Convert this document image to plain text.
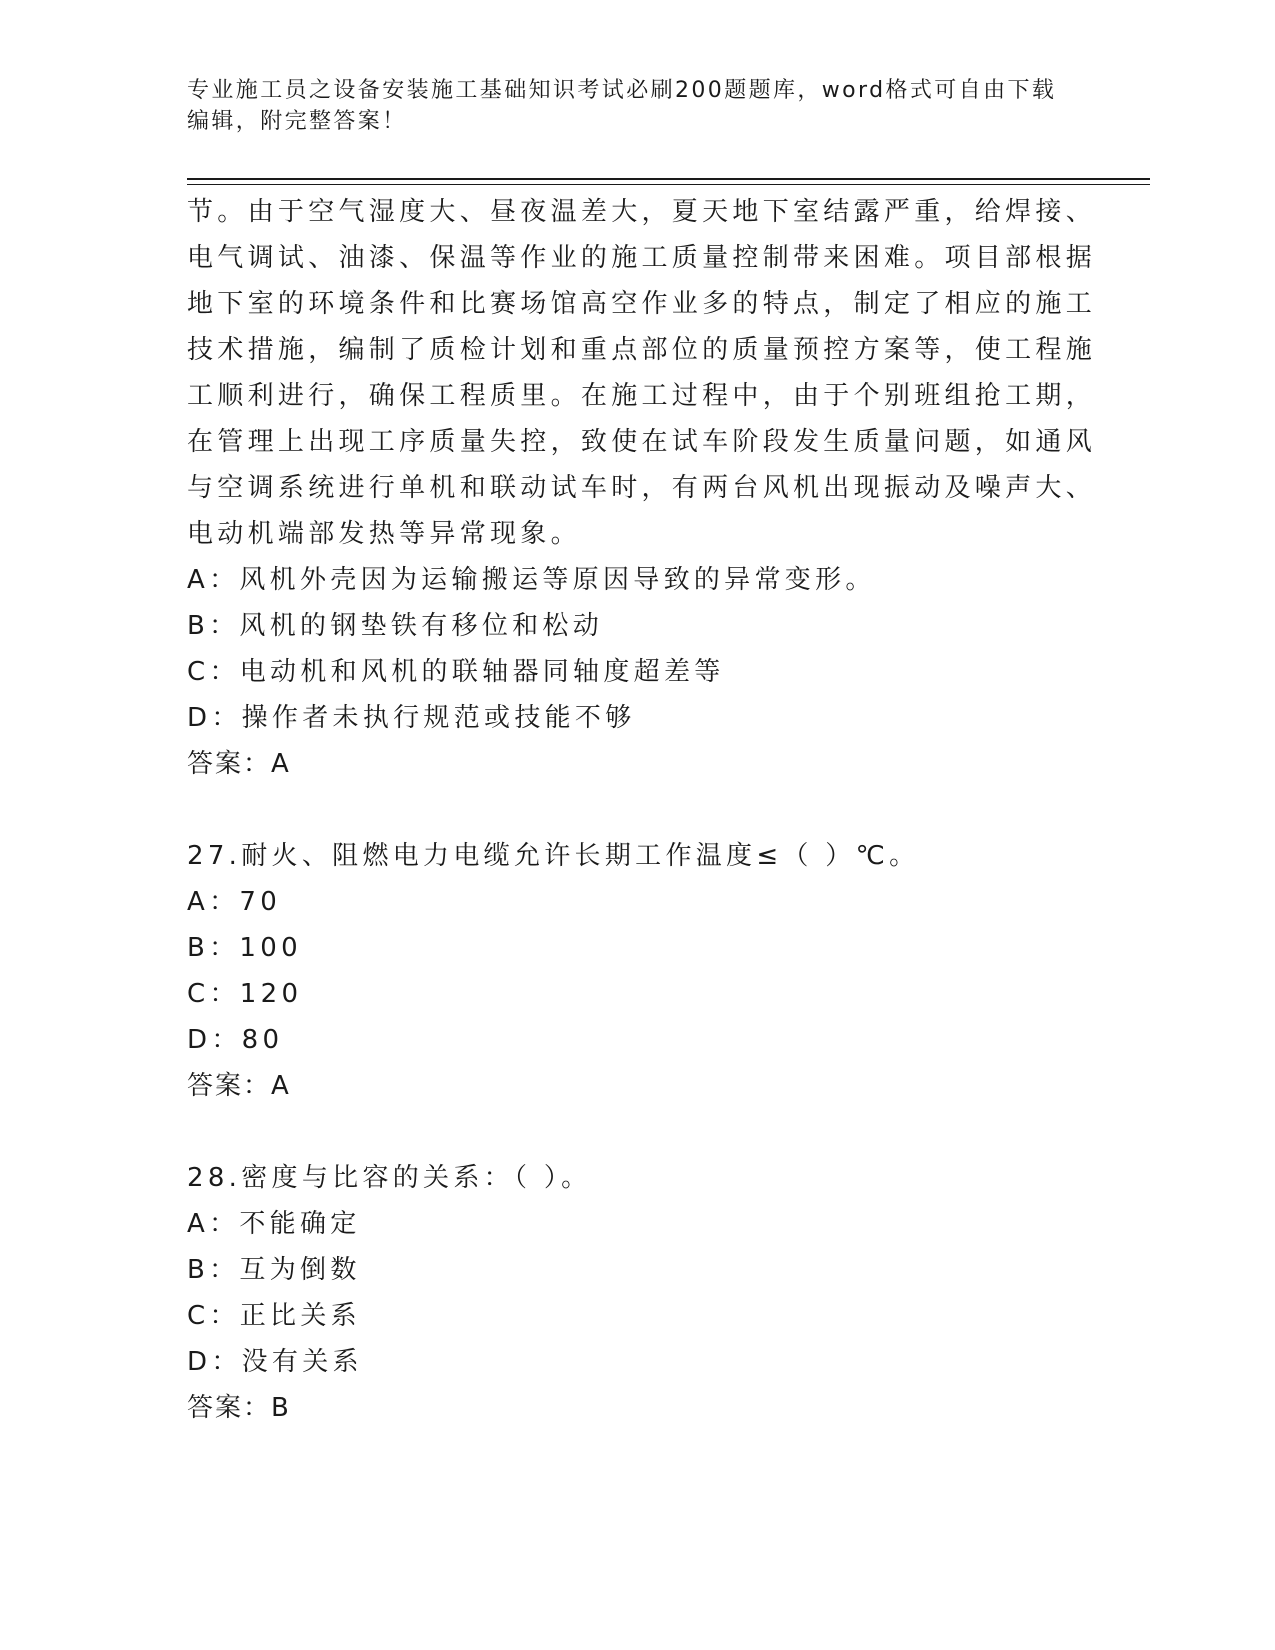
专业施工员之设备安装施工基础知识考试必刷200题题库，word格式可自由下载
编辑，附完整答案！
节。由于空气湿度大、昼夜温差大，夏天地下室结露严重，给焊接、
电气调试、油漆、保温等作业的施工质量控制带来困难。项目部根据
地下室的环境条件和比赛场馆高空作业多的特点，制定了相应的施工
技术措施，编制了质检计划和重点部位的质量预控方案等，使工程施
工顺利进行，确保工程质里。在施工过程中，由于个别班组抢工期，
在管理上出现工序质量失控，致使在试车阶段发生质量问题，如通风
与空调系统进行单机和联动试车时，有两台风机出现振动及噪声大、
电动机端部发热等异常现象。
A：风机外壳因为运输搬运等原因导致的异常变形。
B：风机的钢垫铁有移位和松动
C：电动机和风机的联轴器同轴度超差等
D：操作者未执行规范或技能不够
答案：A
27.耐火、阻燃电力电缆允许长期工作温度≤（ ）℃。
A：70
B：100
C：120
D：80
答案：A
28.密度与比容的关系：（ ）。
A：不能确定
B：互为倒数
C：正比关系
D：没有关系
答案：B
